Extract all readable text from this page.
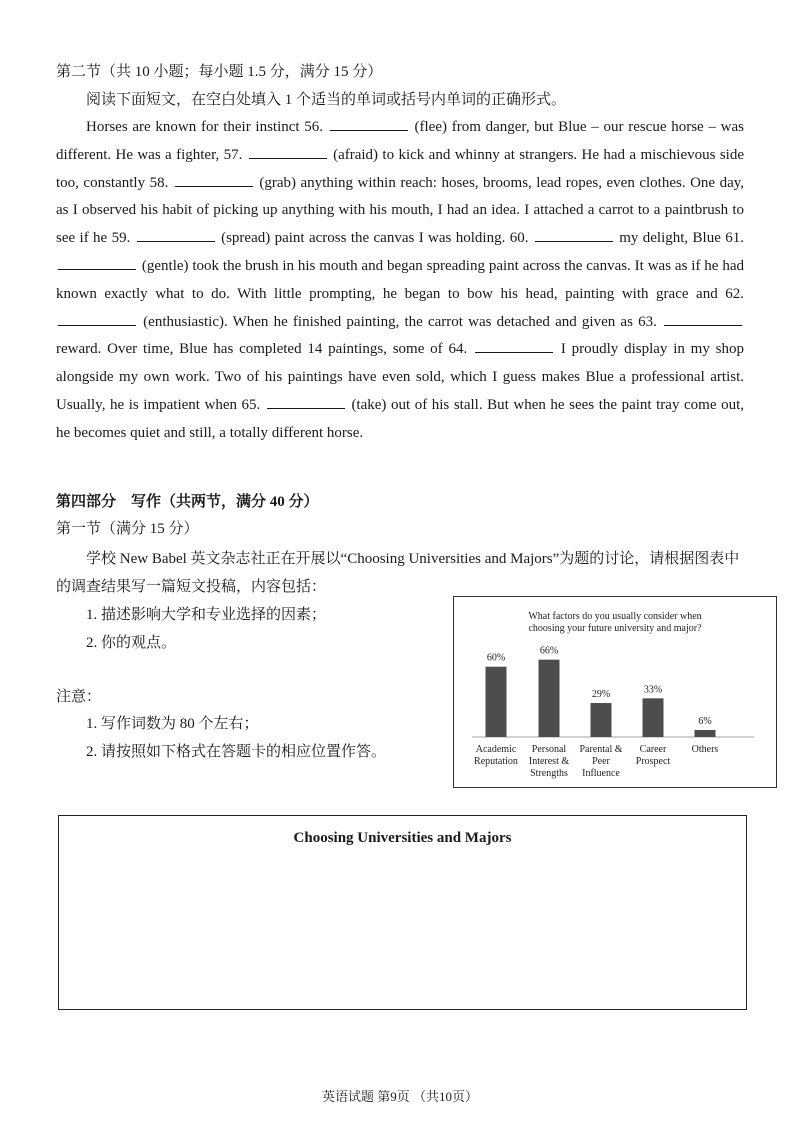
第二节（共 10 小题；每小题 1.5 分，满分 15 分）
阅读下面短文，在空白处填入 1 个适当的单词或括号内单词的正确形式。
Horses are known for their instinct 56.	(flee) from danger, but Blue – our rescue horse – was different. He was a fighter, 57.	(afraid) to kick and whinny at strangers. He had a mischievous side too, constantly 58.	(grab) anything within reach: hoses, brooms, lead ropes, even clothes. One day, as I observed his habit of picking up anything with his mouth, I had an idea. I attached a carrot to a paintbrush to see if he 59.	(spread) paint across the canvas I was holding. 60.	my delight, Blue 61.  (gentle) took the brush in his mouth and began spreading paint across the canvas. It was as if he had known exactly what to do. With little prompting, he began to bow his head, painting with grace and 62.  (enthusiastic). When he finished painting, the carrot was detached and given as 63.  reward. Over time, Blue has completed 14 paintings, some of 64.	I proudly display in my shop alongside my own work. Two of his paintings have even sold, which I guess makes Blue a professional artist. Usually, he is impatient when 65.	(take) out of his stall. But when he sees the paint tray come out, he becomes quiet and still, a totally different horse.
第四部分　写作（共两节，满分 40 分）
第一节（满分 15 分）
学校 New Babel 英文杂志社正在开展以“Choosing Universities and Majors”为题的讨论，请根据图表中的调查结果写一篇短文投稿，内容包括：
1. 描述影响大学和专业选择的因素；
2. 你的观点。
注意：
1. 写作词数为 80 个左右；
2. 请按照如下格式在答题卡的相应位置作答。
What factors do you usually consider when
choosing your future university and major?
60%
Academic
Reputation
66%
Personal
Interest &
Strengths
29%
Parental &
Peer
Influence
33%
Career
Prospect
6%
Others
Choosing Universities and Majors
英语试题 第9页 （共10页）
